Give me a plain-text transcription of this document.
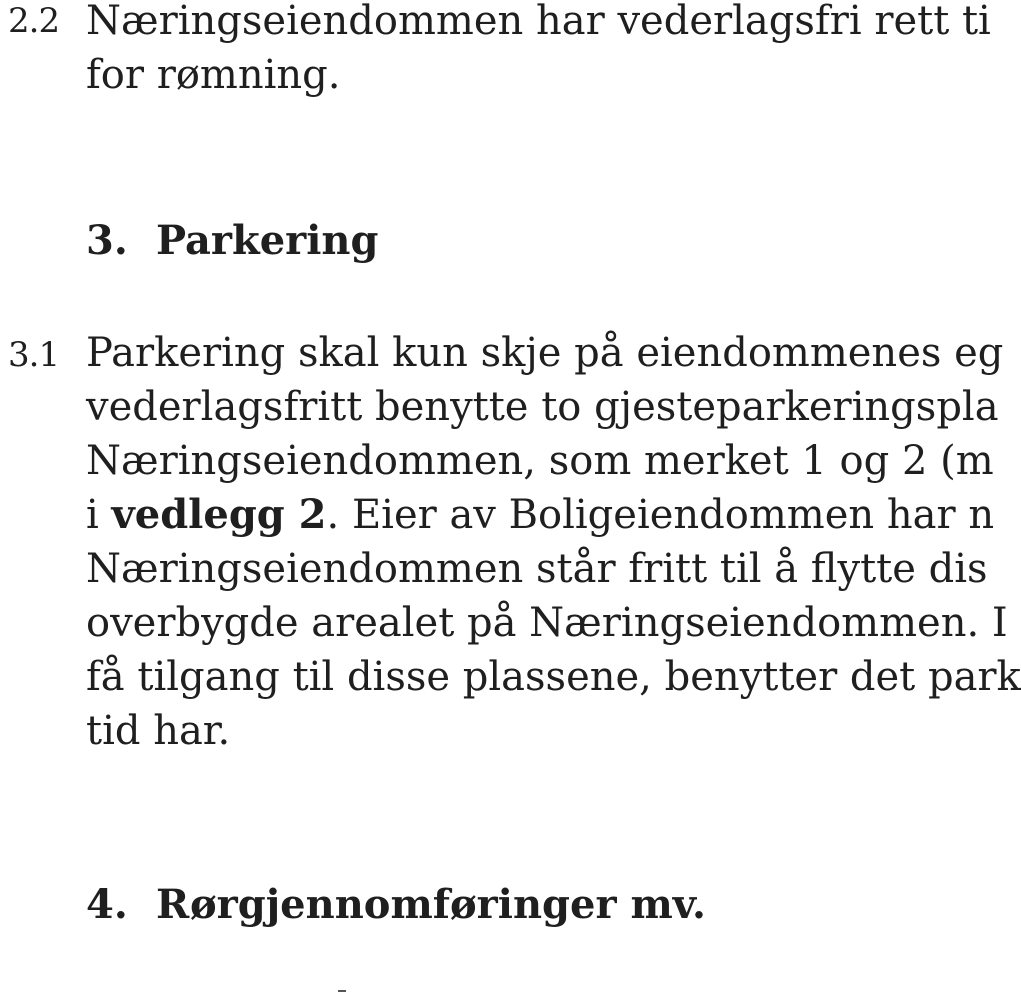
2.2 Næringseiendommen har vederlagsfri rett ti
for rømning.
3. Parkering
3.1 Parkering skal kun skje på eiendommenes eg
vederlagsfritt benytte to gjesteparkeringspla
Næringseiendommen, som merket 1 og 2 (m
i vedlegg 2. Eier av Boligeiendommen har n
Næringseiendommen står fritt til å flytte dis
overbygde arealet på Næringseiendommen. I
få tilgang til disse plassene, benytter det park
tid har.
4. Rørgjennomføringer mv.
